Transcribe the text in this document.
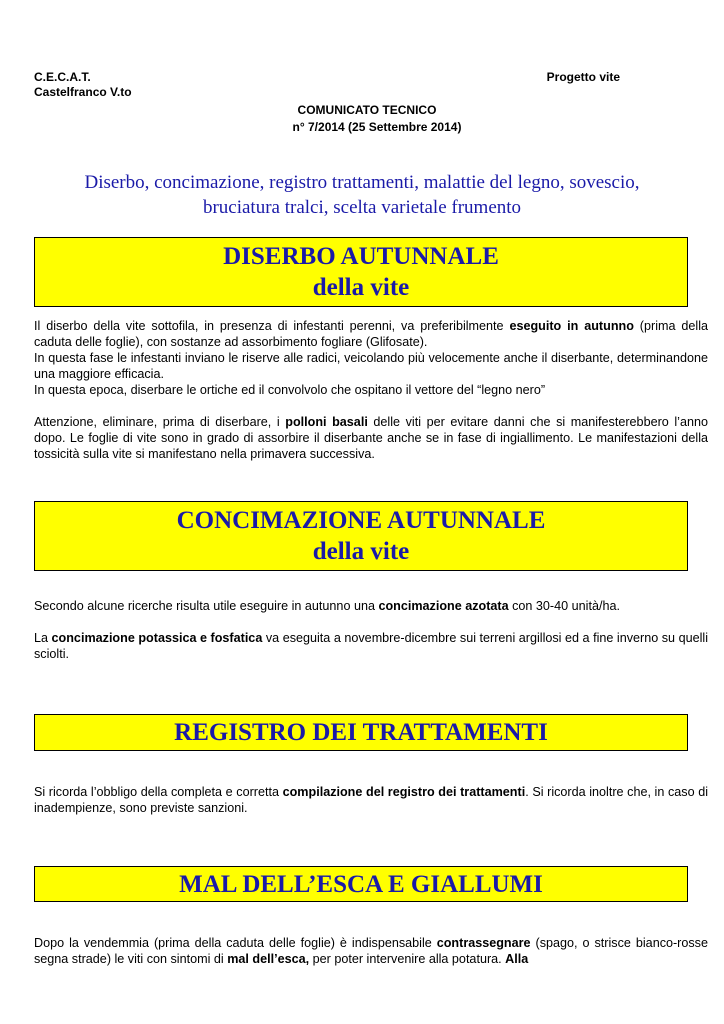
C.E.C.A.T.
Castelfranco V.to
Progetto vite
COMUNICATO TECNICO
n° 7/2014 (25 Settembre 2014)
Diserbo, concimazione, registro trattamenti, malattie del legno, sovescio,
bruciatura tralci, scelta varietale frumento
DISERBO AUTUNNALE
della vite

Il diserbo della vite sottofila, in presenza di infestanti perenni, va preferibilmente eseguito in autunno (prima della caduta delle foglie), con sostanze ad assorbimento fogliare (Glifosate).

In questa fase le infestanti inviano le riserve alle radici, veicolando più velocemente anche il diserbante, determinandone una maggiore efficacia.

In questa epoca, diserbare le ortiche ed il convolvolo che ospitano il vettore del “legno nero”

Attenzione, eliminare, prima di diserbare, i polloni basali delle viti per evitare danni che si manifesterebbero l’anno dopo. Le foglie di vite sono in grado di assorbire il diserbante anche se in fase di ingiallimento. Le manifestazioni della tossicità sulla vite si manifestano nella primavera successiva.

CONCIMAZIONE AUTUNNALE
della vite

Secondo alcune ricerche risulta utile eseguire in autunno una concimazione azotata con 30-40 unità/ha.

La concimazione potassica e fosfatica va eseguita a novembre-dicembre sui terreni argillosi ed a fine inverno su quelli sciolti.

REGISTRO DEI TRATTAMENTI

Si ricorda l’obbligo della completa e corretta compilazione del registro dei trattamenti. Si ricorda inoltre che, in caso di inadempienze, sono previste sanzioni.

MAL DELL’ESCA E GIALLUMI

Dopo la vendemmia (prima della caduta delle foglie) è indispensabile contrassegnare (spago, o strisce bianco-rosse segna strade) le viti con sintomi di mal dell’esca, per poter intervenire alla potatura. Alla
